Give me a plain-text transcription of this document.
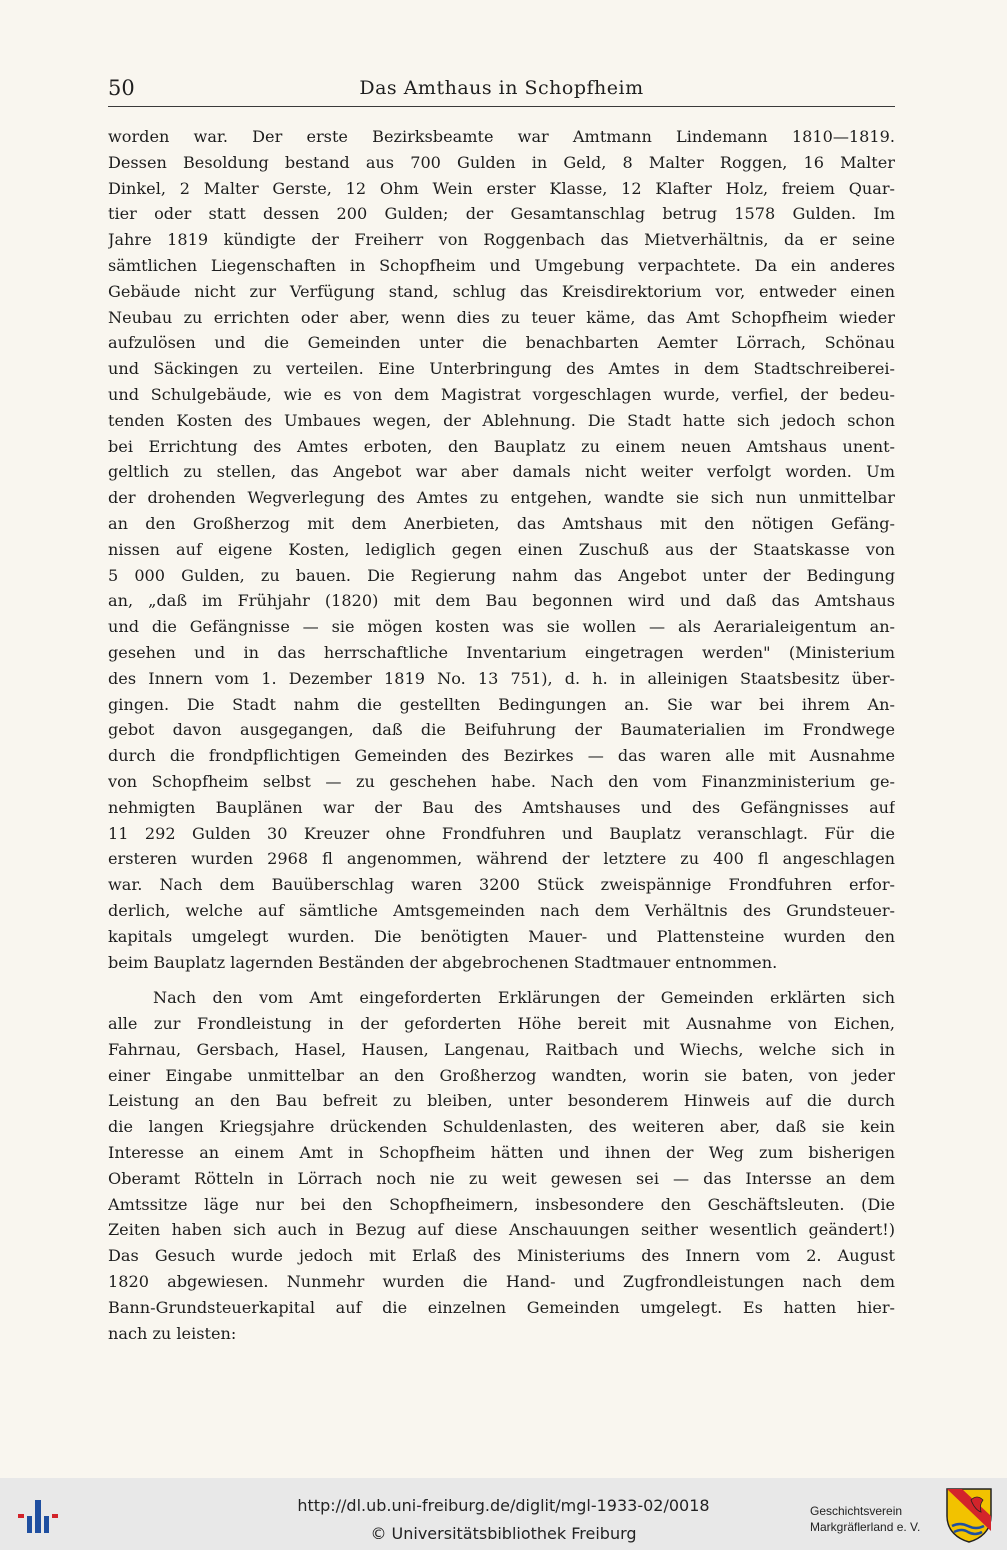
50	Das Amthaus in Schopfheim
worden war. Der erste Bezirksbeamte war Amtmann Lindemann 1810—1819.
Dessen Besoldung bestand aus 700 Gulden in Geld, 8 Malter Roggen, 16 Malter
Dinkel, 2 Malter Gerste, 12 Ohm Wein erster Klasse, 12 Klafter Holz, freiem Quar-
tier oder statt dessen 200 Gulden; der Gesamtanschlag betrug 1578 Gulden. Im
Jahre 1819 kündigte der Freiherr von Roggenbach das Mietverhältnis, da er seine
sämtlichen Liegenschaften in Schopfheim und Umgebung verpachtete. Da ein anderes
Gebäude nicht zur Verfügung stand, schlug das Kreisdirektorium vor, entweder einen
Neubau zu errichten oder aber, wenn dies zu teuer käme, das Amt Schopfheim wieder
aufzulösen und die Gemeinden unter die benachbarten Aemter Lörrach, Schönau
und Säckingen zu verteilen. Eine Unterbringung des Amtes in dem Stadtschreiberei-
und Schulgebäude, wie es von dem Magistrat vorgeschlagen wurde, verfiel, der bedeu-
tenden Kosten des Umbaues wegen, der Ablehnung. Die Stadt hatte sich jedoch schon
bei Errichtung des Amtes erboten, den Bauplatz zu einem neuen Amtshaus unent-
geltlich zu stellen, das Angebot war aber damals nicht weiter verfolgt worden. Um
der drohenden Wegverlegung des Amtes zu entgehen, wandte sie sich nun unmittelbar
an den Großherzog mit dem Anerbieten, das Amtshaus mit den nötigen Gefäng-
nissen auf eigene Kosten, lediglich gegen einen Zuschuß aus der Staatskasse von
5 000 Gulden, zu bauen. Die Regierung nahm das Angebot unter der Bedingung
an, „daß im Frühjahr (1820) mit dem Bau begonnen wird und daß das Amtshaus
und die Gefängnisse — sie mögen kosten was sie wollen — als Aerarialeigentum an-
gesehen und in das herrschaftliche Inventarium eingetragen werden" (Ministerium
des Innern vom 1. Dezember 1819 No. 13 751), d. h. in alleinigen Staatsbesitz über-
gingen. Die Stadt nahm die gestellten Bedingungen an. Sie war bei ihrem An-
gebot davon ausgegangen, daß die Beifuhrung der Baumaterialien im Frondwege
durch die frondpflichtigen Gemeinden des Bezirkes — das waren alle mit Ausnahme
von Schopfheim selbst — zu geschehen habe. Nach den vom Finanzministerium ge-
nehmigten Bauplänen war der Bau des Amtshauses und des Gefängnisses auf
11 292 Gulden 30 Kreuzer ohne Frondfuhren und Bauplatz veranschlagt. Für die
ersteren wurden 2968 fl angenommen, während der letztere zu 400 fl angeschlagen
war. Nach dem Bauüberschlag waren 3200 Stück zweispännige Frondfuhren erfor-
derlich, welche auf sämtliche Amtsgemeinden nach dem Verhältnis des Grundsteuer-
kapitals umgelegt wurden. Die benötigten Mauer- und Plattensteine wurden den
beim Bauplatz lagernden Beständen der abgebrochenen Stadtmauer entnommen.
Nach den vom Amt eingeforderten Erklärungen der Gemeinden erklärten sich
alle zur Frondleistung in der geforderten Höhe bereit mit Ausnahme von Eichen,
Fahrnau, Gersbach, Hasel, Hausen, Langenau, Raitbach und Wiechs, welche sich in
einer Eingabe unmittelbar an den Großherzog wandten, worin sie baten, von jeder
Leistung an den Bau befreit zu bleiben, unter besonderem Hinweis auf die durch
die langen Kriegsjahre drückenden Schuldenlasten, des weiteren aber, daß sie kein
Interesse an einem Amt in Schopfheim hätten und ihnen der Weg zum bisherigen
Oberamt Rötteln in Lörrach noch nie zu weit gewesen sei — das Intersse an dem
Amtssitze läge nur bei den Schopfheimern, insbesondere den Geschäftsleuten. (Die
Zeiten haben sich auch in Bezug auf diese Anschauungen seither wesentlich geändert!)
Das Gesuch wurde jedoch mit Erlaß des Ministeriums des Innern vom 2. August
1820 abgewiesen. Nunmehr wurden die Hand- und Zugfrondleistungen nach dem
Bann-Grundsteuerkapital auf die einzelnen Gemeinden umgelegt. Es hatten hier-
nach zu leisten:
http://dl.ub.uni-freiburg.de/diglit/mgl-1933-02/0018
© Universitätsbibliothek Freiburg
Geschichtsverein
Markgräflerland e. V.
